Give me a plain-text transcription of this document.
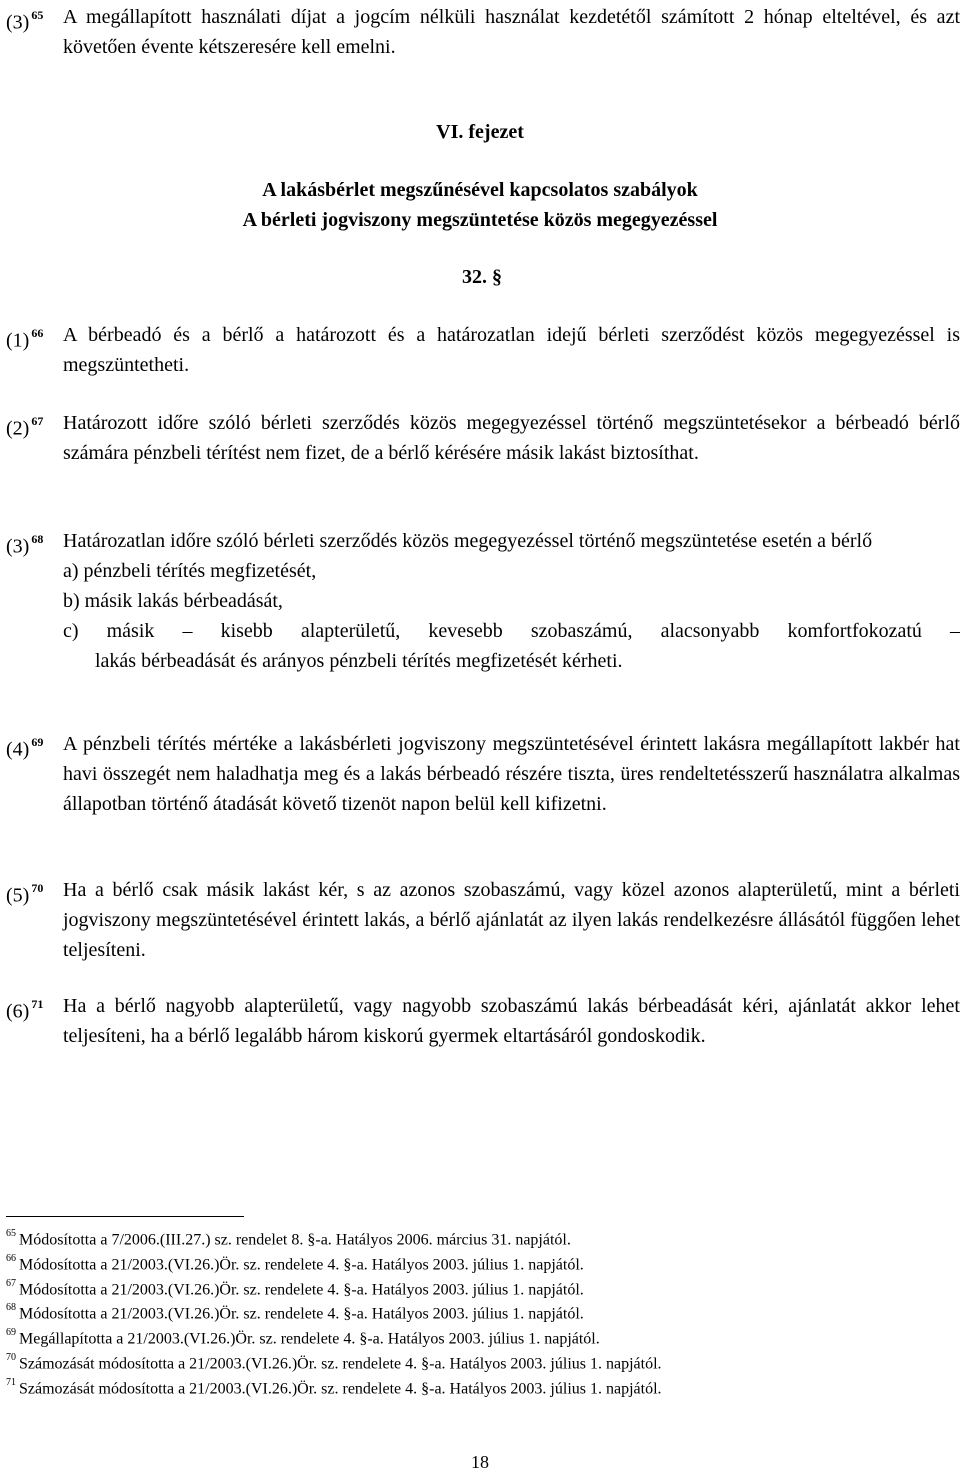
(3) $^{65}$ A megállapított használati díjat a jogcím nélküli használat kezdetétől számított 2 hónap elteltével, és azt követően évente kétszeresére kell emelni.
VI. fejezet
A lakásbérlet megszűnésével kapcsolatos szabályok
A bérleti jogviszony megszüntetése közös megegyezéssel
32. §
(1) $^{66}$ A bérbeadó és a bérlő a határozott és a határozatlan idejű bérleti szerződést közös megegyezéssel is megszüntetheti.
(2) $^{67}$ Határozott időre szóló bérleti szerződés közös megegyezéssel történő megszüntetésekor a bérbeadó bérlő számára pénzbeli térítést nem fizet, de a bérlő kérésére másik lakást biztosíthat.
(3) $^{68}$ Határozatlan időre szóló bérleti szerződés közös megegyezéssel történő megszüntetése esetén a bérlő
a) pénzbeli térítés megfizetését,
b) másik lakás bérbeadását,
c) másik – kisebb alapterületű, kevesebb szobaszámú, alacsonyabb komfortfokozatú –
lakás bérbeadását és arányos pénzbeli térítés megfizetését kérheti.
(4) $^{69}$ A pénzbeli térítés mértéke a lakásbérleti jogviszony megszüntetésével érintett lakásra megállapított lakbér hat havi összegét nem haladhatja meg és a lakás bérbeadó részére tiszta, üres rendeltetésszerű használatra alkalmas állapotban történő átadását követő tizenöt napon belül kell kifizetni.
(5) $^{70}$ Ha a bérlő csak másik lakást kér, s az azonos szobaszámú, vagy közel azonos alapterületű, mint a bérleti jogviszony megszüntetésével érintett lakás, a bérlő ajánlatát az ilyen lakás rendelkezésre állásától függően lehet teljesíteni.
(6) $^{71}$ Ha a bérlő nagyobb alapterületű, vagy nagyobb szobaszámú lakás bérbeadását kéri, ajánlatát akkor lehet teljesíteni, ha a bérlő legalább három kiskorú gyermek eltartásáról gondoskodik.
$^{65}$ Módosította a 7/2006.(III.27.) sz. rendelet 8. §-a. Hatályos 2006. március 31. napjától.
$^{66}$ Módosította a 21/2003.(VI.26.)Ör. sz. rendelete 4. §-a. Hatályos 2003. július 1. napjától.
$^{67}$ Módosította a 21/2003.(VI.26.)Ör. sz. rendelete 4. §-a. Hatályos 2003. július 1. napjától.
$^{68}$ Módosította a 21/2003.(VI.26.)Ör. sz. rendelete 4. §-a. Hatályos 2003. július 1. napjától.
$^{69}$ Megállapította a 21/2003.(VI.26.)Ör. sz. rendelete 4. §-a. Hatályos 2003. július 1. napjától.
$^{70}$ Számozását módosította a 21/2003.(VI.26.)Ör. sz. rendelete 4. §-a. Hatályos 2003. július 1. napjától.
$^{71}$ Számozását módosította a 21/2003.(VI.26.)Ör. sz. rendelete 4. §-a. Hatályos 2003. július 1. napjától.
18
